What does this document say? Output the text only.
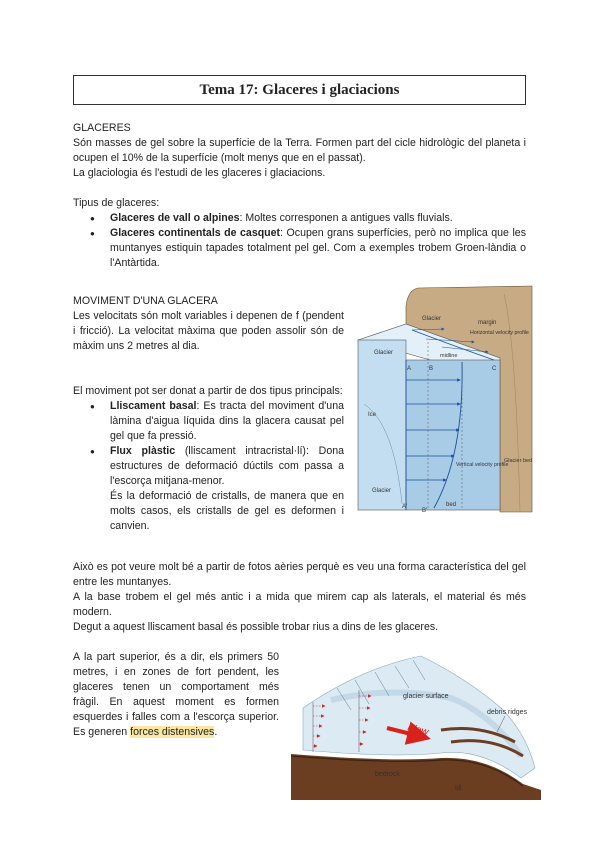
Tema 17: Glaceres i glaciacions
GLACERES
Són masses de gel sobre la superfície de la Terra. Formen part del cicle hidrològic del planeta i ocupen el 10% de la superfície (molt menys que en el passat).
La glaciologia és l'estudi de les glaceres i glaciacions.
Tipus de glaceres:
● Glaceres de vall o alpines: Moltes corresponen a antigues valls fluvials.
● Glaceres continentals de casquet: Ocupen grans superfícies, però no implica que les muntanyes estiquin tapades totalment pel gel. Com a exemples trobem Groen-làndia o l'Antàrtida.
MOVIMENT D'UNA GLACERA
Les velocitats són molt variables i depenen de f (pendent i fricció). La velocitat màxima que poden assolir són de màxim uns 2 metres al dia.
El moviment pot ser donat a partir de dos tipus principals:
● Lliscament basal: Es tracta del moviment d'una làmina d'aigua líquida dins la glacera causat pel gel que fa pressió.
● Flux plàstic (lliscament intracristal·lí): Dona estructures de deformació dúctils com passa a l'escorça mitjana-menor.
És la deformació de cristalls, de manera que en molts casos, els cristalls de gel es deformen i canvien.
Això es pot veure molt bé a partir de fotos aèries perquè es veu una forma característica del gel entre les muntanyes.
A la base trobem el gel més antic i a mida que mirem cap als laterals, el material és més modern.
Degut a aquest lliscament basal és possible trobar rius a dins de les glaceres.
A la part superior, és a dir, els primers 50 metres, i en zones de fort pendent, les glaceres tenen un comportament més fràgil. En aquest moment es formen esquerdes i falles com a l'escorça superior. Es generen forces distensives.
Glacier
margin
Horizontal velocity profile
midline
Glacier
A	B	C
Ice
Vertical velocity profile
Glacier bed
Glacier
A'
B'
bed
Flow
glacier surface
debris ridges
bedrock
till
